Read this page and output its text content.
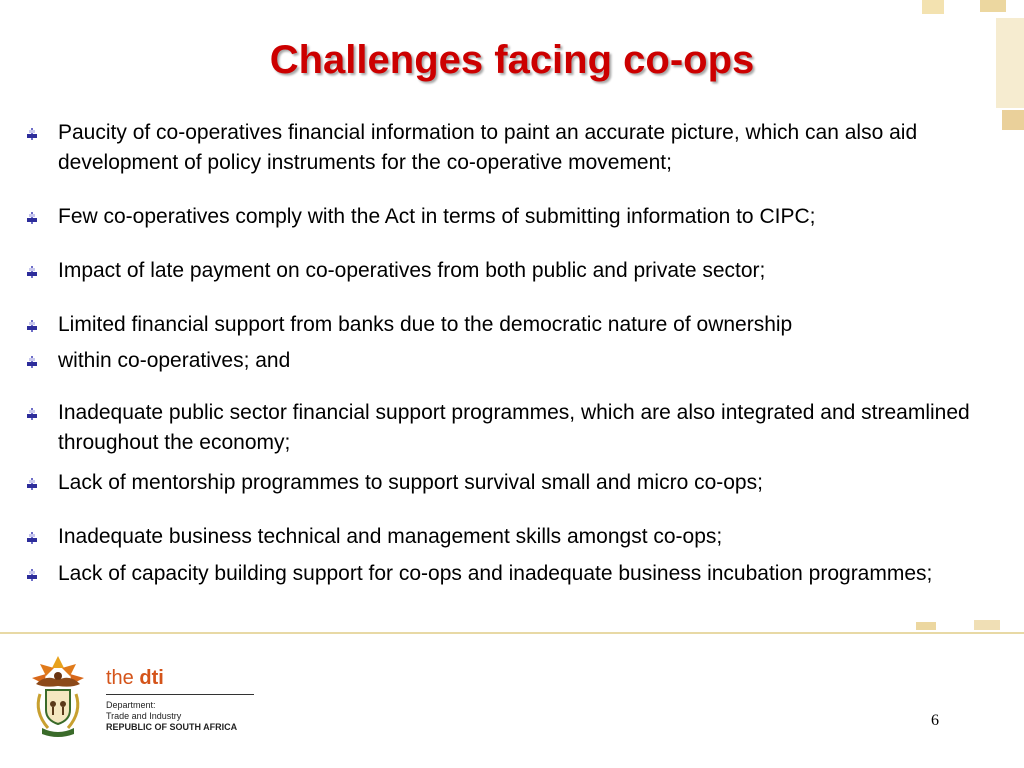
Challenges facing co-ops
Paucity of co-operatives financial information to paint an accurate picture, which can also aid development of policy instruments for the co-operative movement;
Few co-operatives comply with the Act in terms of submitting information to CIPC;
Impact of late payment on co-operatives from both public and private sector;
Limited financial support from banks due to the democratic nature of ownership
within co-operatives; and
Inadequate public sector financial support programmes, which are also integrated and streamlined throughout the economy;
Lack of mentorship programmes to support survival small and micro co-ops;
Inadequate business technical and management skills amongst co-ops;
Lack of capacity building support for co-ops and inadequate business incubation programmes;
the dti
Department:
Trade and Industry
REPUBLIC OF SOUTH AFRICA	6
